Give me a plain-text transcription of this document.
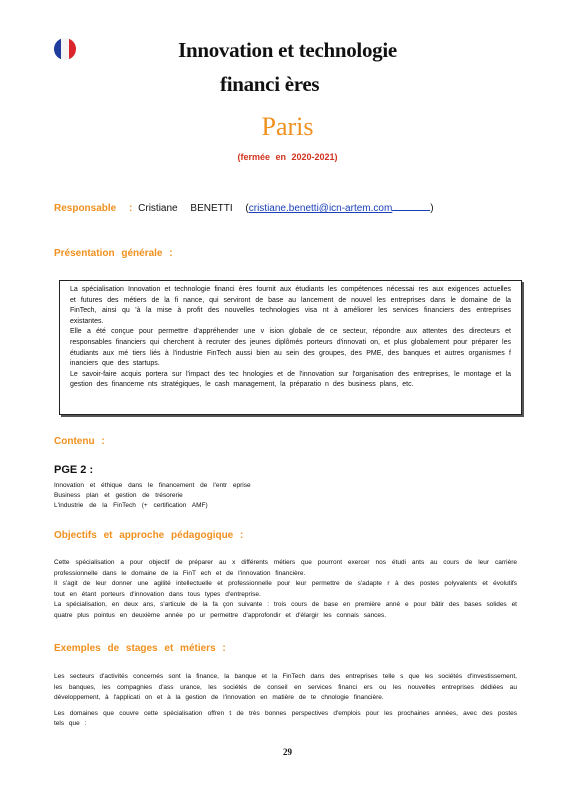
Innovation et technologie
financi ères
Paris
(fermée en 2020-2021)
Responsable : Cristiane BENETTI (cristiane.benetti@icn-artem.com	)
Présentation générale :

La spécialisation Innovation et technologie financi ères fournit aux étudiants les compétences nécessai res aux exigences actuelles et futures des métiers de la fi nance, qui serviront de base au lancement de nouvel les entreprises dans le domaine de la FinTech, ainsi qu 'à la mise à profit des nouvelles technologies visa nt à améliorer les services financiers des entreprises existantes.

Elle a été conçue pour permettre d'appréhender une v ision globale de ce secteur, répondre aux attentes des directeurs et responsables financiers qui cherchent à recruter des jeunes diplômés porteurs d'innovati on, et plus globalement pour préparer les étudiants aux mé tiers liés à l'industrie FinTech aussi bien au sein des groupes, des PME, des banques et autres organismes f inanciers que des startups.

Le savoir-faire acquis portera sur l'impact des tec hnologies et de l'innovation sur l'organisation des entreprises, le montage et la gestion des financeme nts stratégiques, le cash management, la préparatio n des business plans, etc.

Contenu :
PGE 2 :
Innovation et éthique dans le financement de l'entr eprise
Business plan et gestion de trésorerie
L'industrie de la FinTech (+ certification AMF)
Objectifs et approche pédagogique :

Cette spécialisation a pour objectif de préparer au x différents métiers que pourront exercer nos étudi ants au cours de leur carrière professionnelle dans le domaine de la FinT ech et de l'innovation financière.

Il s'agit de leur donner une agilité intellectuelle et professionnelle pour leur permettre de s'adapte r à des postes polyvalents et évolutifs tout en étant porteurs d'innovation dans tous types d'entreprise.

La spécialisation, en deux ans, s'articule de la fa çon suivante : trois cours de base en première anné e pour bâtir des bases solides et quatre plus pointus en deuxième année po ur permettre d'approfondir et d'élargir les connais sances.

Exemples de stages et métiers :

Les secteurs d'activités concernés sont la finance, la banque et la FinTech dans des entreprises telle s que les sociétés d'investissement, les banques, les compagnies d'ass urance, les sociétés de conseil en services financi ers ou les nouvelles entreprises dédiées au développement, à l'applicati on et à la gestion de l'innovation en matière de te chnologie financière.

Les domaines que couvre cette spécialisation offren t de très bonnes perspectives d'emplois pour les prochaines années, avec des postes tels que :

29
